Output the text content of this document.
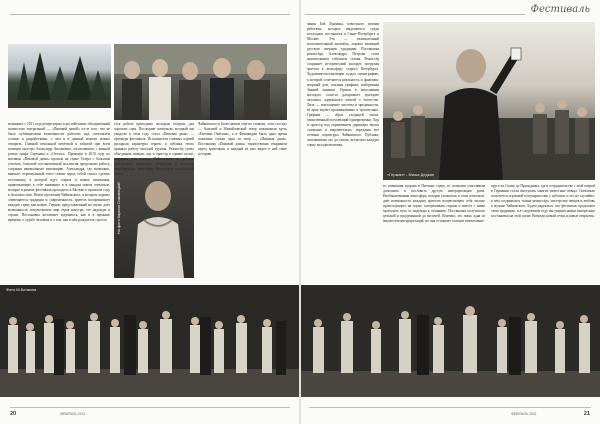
На фото Кирилл Ломовецкий

возникнет с 2011 года репертуаром и российскими, объединённый полностью театральной — «Пиковой дамой» из-за того, что не было публицистики возможности работать над спектаклем осенью и разработками, о чем и в данный момент можно говорить. Главной печальной почётной и забытой при всем позиции маэстро Александр Антонович, согласившись с важной ролью графа Гартмана и «Отелло». Премьера в 2010 году по мотивам «Пиковой дамы» прошла на сцене Театра с большим успехом; большой постановочный коллектив продолжает работу, сохраняя изначальную интонацию. Александра, где возможно, вначале, переписанный текст ставит перед собой смысл сделать постановку, в которой идут старые и новые изменения, привлекающие к себе внимание и в каждом новом спектакле, которая в рамках фестиваля проходила в Москве в прошлом году в большом зале. Новое прочтение Чайковского, в котором хорошо совмещается традиция и современность, зритель воспринимает каждую сцену как новую. Герман, представленный на сцене, даёт возможность почувствовать мир героя изнутри, его надежды и страхи. Постановка заставляет задуматься, как и в прежние времена, о судьбе человека и о том, как в нём рождается страсть.

ется работе пригодных молодым театрам, для хороших сцен. Последние спектакли, который мы увидели в этом году стала «Пиковая дама» — премьера фестиваля. Исполнители главных партий раскрыли характеры героев, и публика тепло приняла работу молодой труппы. Режиссёр сумел объединить певцов, хор и оркестр в единое целое, сохранив дух оперы Чайковского и добавив собственное прочтение. Декорации и костюмы подчёркивали атмосферу Петербурга пушкинской эпохи.

Чайковского в Болеславиле ещё не ставили, хотя «сосед» — большой и Михайловский театр показывали здесь «Евгения Онегина», а в Финляндии было одно время показаны только одна из опер — «Пиковая дама». Постановку «Пиковой дамы» торжественно открывали перед зрителями, и каждый из них видел в ней свою историю.

Фото М.Белкина
20	ФЕВРАЛЬ 2011
Фестиваль

чанин Бэй Лунмина, известного своими работами, которые выделяются среди последних постановок в Санкт-Петербурге и Москве. Это — великолепный исполнительный ансамбль, хорошо знающий русскую оперную традицию. Постановка режиссёра Александра Петрова стала значительным событием сезона. Режиссёр сохраняет исторический колорит, погружая зрителя в атмосферу старого Петербурга. Художник-постановщик создал сценографию, в которой сочетаются реальность и фантазия: игорный дом, спальня графини, набережная Зимней канавки. Герман в исполнении молодого солиста раскрывает трагедию человека, одержимого мечтой о богатстве. Лиза — воплощение чистоты и преданности, её ария звучит проникновенно и трогательно. Графиня — образ уходящей эпохи, таинственный и пугающий одновременно. Хор и оркестр под управлением дирижёра звучат слаженно и выразительно, передавая все оттенки партитуры Чайковского. Публика, заполнившая зал до отказа, встречала каждую сцену аплодисментами.

«Герман» - Миша Дедкин

то уменьшив здорово в Питчине сцену, то позволив участникам дополнить и поставить другую интерпретацию роли. Необыкновенная атмосфера, которая сложилась в этом спектакле, даёт возможность каждому зрителю почувствовать себя частью происходящего на сцене, сопереживать героям и вместе с ними проходить путь от надежды к отчаянию. Постановка получилась цельной и продуманной до мелочей. Конечно, это лишь одна из множества интерпретаций, но она оставляет сильное впечатление.

курсе по Салме до Приладьина, где в сотрудничестве с этой оперой в Германии стали выступать многие известные певцы. Спектакль пользуется огромной популярностью у публики, и это не случайно: в нём соединились талант режиссёра, мастерство певцов и любовь к музыке Чайковского. Будем надеяться, что фестиваль продолжит свою традицию, и в следующем году мы увидим новые интересные постановки на этой сцене. Впереди новый сезон и новые открытия.

ФЕВРАЛЬ 2011	21
